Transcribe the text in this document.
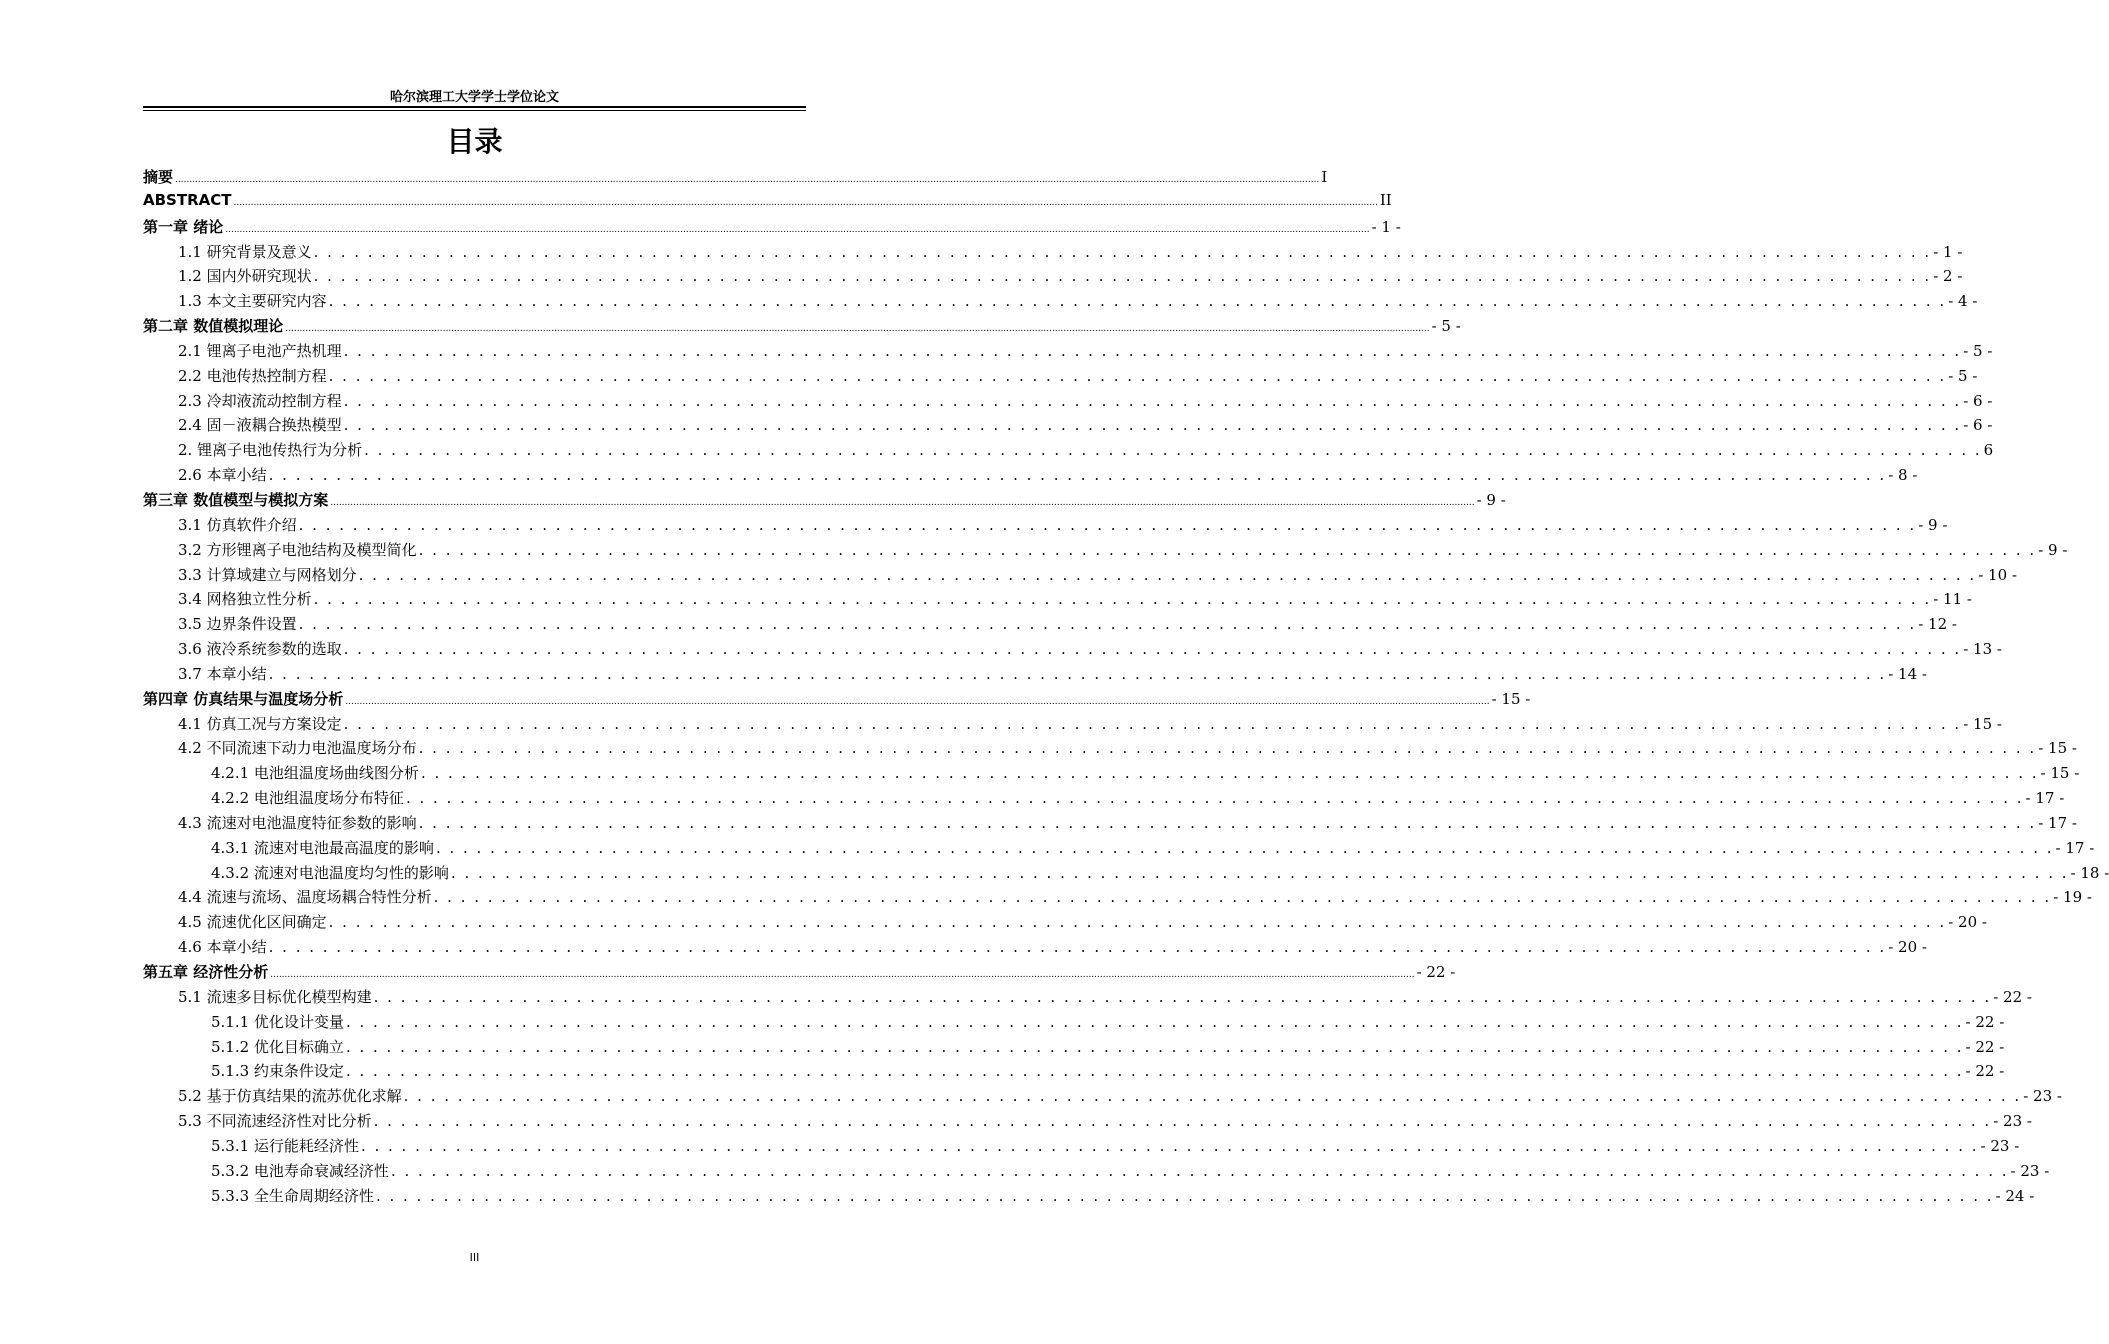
哈尔滨理工大学学士学位论文
目录
摘要 ................................................................................................................................................................................................................................................................................................................................................................................................................ I
ABSTRACT ................................................................................................................................................................................................................................................................................................................................................................................................................ II
第一章 绪论 ................................................................................................................................................................................................................................................................................................................................................................................................................ - 1 -
1.1 研究背景及意义 . . . . . . . . . . . . . . . . . . . . . . . . . . . . . . . . . . . . . . . . . . . . . . . . . . . . . . . . . . . . . . . . . . . . . . . . . . . . . . . . . . . . . . . . . . . . . . . . . . . . . . . . . . . . . . . . . . . . . . . . - 1 -
1.2 国内外研究现状 . . . . . . . . . . . . . . . . . . . . . . . . . . . . . . . . . . . . . . . . . . . . . . . . . . . . . . . . . . . . . . . . . . . . . . . . . . . . . . . . . . . . . . . . . . . . . . . . . . . . . . . . . . . . . . . . . . . . . . . . - 2 -
1.3 本文主要研究内容 . . . . . . . . . . . . . . . . . . . . . . . . . . . . . . . . . . . . . . . . . . . . . . . . . . . . . . . . . . . . . . . . . . . . . . . . . . . . . . . . . . . . . . . . . . . . . . . . . . . . . . . . . . . . . . . . . . . . . . . . - 4 -
第二章 数值模拟理论 ................................................................................................................................................................................................................................................................................................................................................................................................................ - 5 -
2.1 锂离子电池产热机理 . . . . . . . . . . . . . . . . . . . . . . . . . . . . . . . . . . . . . . . . . . . . . . . . . . . . . . . . . . . . . . . . . . . . . . . . . . . . . . . . . . . . . . . . . . . . . . . . . . . . . . . . . . . . . . . . . . . . . . . . - 5 -
2.2 电池传热控制方程 . . . . . . . . . . . . . . . . . . . . . . . . . . . . . . . . . . . . . . . . . . . . . . . . . . . . . . . . . . . . . . . . . . . . . . . . . . . . . . . . . . . . . . . . . . . . . . . . . . . . . . . . . . . . . . . . . . . . . . . . - 5 -
2.3 冷却液流动控制方程 . . . . . . . . . . . . . . . . . . . . . . . . . . . . . . . . . . . . . . . . . . . . . . . . . . . . . . . . . . . . . . . . . . . . . . . . . . . . . . . . . . . . . . . . . . . . . . . . . . . . . . . . . . . . . . . . . . . . . . . . - 6 -
2.4 固－液耦合换热模型 . . . . . . . . . . . . . . . . . . . . . . . . . . . . . . . . . . . . . . . . . . . . . . . . . . . . . . . . . . . . . . . . . . . . . . . . . . . . . . . . . . . . . . . . . . . . . . . . . . . . . . . . . . . . . . . . . . . . . . . . - 6 -
2. 锂离子电池传热行为分析 . . . . . . . . . . . . . . . . . . . . . . . . . . . . . . . . . . . . . . . . . . . . . . . . . . . . . . . . . . . . . . . . . . . . . . . . . . . . . . . . . . . . . . . . . . . . . . . . . . . . . . . . . . . . . . . . . . . . . . . . 6
2.6 本章小结 . . . . . . . . . . . . . . . . . . . . . . . . . . . . . . . . . . . . . . . . . . . . . . . . . . . . . . . . . . . . . . . . . . . . . . . . . . . . . . . . . . . . . . . . . . . . . . . . . . . . . . . . . . . . . . . . . . . . . . . . - 8 -
第三章 数值模型与模拟方案 ................................................................................................................................................................................................................................................................................................................................................................................................................ - 9 -
3.1 仿真软件介绍 . . . . . . . . . . . . . . . . . . . . . . . . . . . . . . . . . . . . . . . . . . . . . . . . . . . . . . . . . . . . . . . . . . . . . . . . . . . . . . . . . . . . . . . . . . . . . . . . . . . . . . . . . . . . . . . . . . . . . . . . - 9 -
3.2 方形锂离子电池结构及模型简化 . . . . . . . . . . . . . . . . . . . . . . . . . . . . . . . . . . . . . . . . . . . . . . . . . . . . . . . . . . . . . . . . . . . . . . . . . . . . . . . . . . . . . . . . . . . . . . . . . . . . . . . . . . . . . . . . . . . . . . . . - 9 -
3.3 计算域建立与网格划分 . . . . . . . . . . . . . . . . . . . . . . . . . . . . . . . . . . . . . . . . . . . . . . . . . . . . . . . . . . . . . . . . . . . . . . . . . . . . . . . . . . . . . . . . . . . . . . . . . . . . . . . . . . . . . . . . . . . . . . . . - 10 -
3.4 网格独立性分析 . . . . . . . . . . . . . . . . . . . . . . . . . . . . . . . . . . . . . . . . . . . . . . . . . . . . . . . . . . . . . . . . . . . . . . . . . . . . . . . . . . . . . . . . . . . . . . . . . . . . . . . . . . . . . . . . . . . . . . . . - 11 -
3.5 边界条件设置 . . . . . . . . . . . . . . . . . . . . . . . . . . . . . . . . . . . . . . . . . . . . . . . . . . . . . . . . . . . . . . . . . . . . . . . . . . . . . . . . . . . . . . . . . . . . . . . . . . . . . . . . . . . . . . . . . . . . . . . . - 12 -
3.6 液冷系统参数的选取 . . . . . . . . . . . . . . . . . . . . . . . . . . . . . . . . . . . . . . . . . . . . . . . . . . . . . . . . . . . . . . . . . . . . . . . . . . . . . . . . . . . . . . . . . . . . . . . . . . . . . . . . . . . . . . . . . . . . . . . . - 13 -
3.7 本章小结 . . . . . . . . . . . . . . . . . . . . . . . . . . . . . . . . . . . . . . . . . . . . . . . . . . . . . . . . . . . . . . . . . . . . . . . . . . . . . . . . . . . . . . . . . . . . . . . . . . . . . . . . . . . . . . . . . . . . . . . . - 14 -
第四章 仿真结果与温度场分析 ................................................................................................................................................................................................................................................................................................................................................................................................................ - 15 -
4.1 仿真工况与方案设定 . . . . . . . . . . . . . . . . . . . . . . . . . . . . . . . . . . . . . . . . . . . . . . . . . . . . . . . . . . . . . . . . . . . . . . . . . . . . . . . . . . . . . . . . . . . . . . . . . . . . . . . . . . . . . . . . . . . . . . . . - 15 -
4.2 不同流速下动力电池温度场分布 . . . . . . . . . . . . . . . . . . . . . . . . . . . . . . . . . . . . . . . . . . . . . . . . . . . . . . . . . . . . . . . . . . . . . . . . . . . . . . . . . . . . . . . . . . . . . . . . . . . . . . . . . . . . . . . . . . . . . . . . - 15 -
4.2.1 电池组温度场曲线图分析 . . . . . . . . . . . . . . . . . . . . . . . . . . . . . . . . . . . . . . . . . . . . . . . . . . . . . . . . . . . . . . . . . . . . . . . . . . . . . . . . . . . . . . . . . . . . . . . . . . . . . . . . . . . . . . . . . . . . . . . . - 15 -
4.2.2 电池组温度场分布特征 . . . . . . . . . . . . . . . . . . . . . . . . . . . . . . . . . . . . . . . . . . . . . . . . . . . . . . . . . . . . . . . . . . . . . . . . . . . . . . . . . . . . . . . . . . . . . . . . . . . . . . . . . . . . . . . . . . . . . . . . - 17 -
4.3 流速对电池温度特征参数的影响 . . . . . . . . . . . . . . . . . . . . . . . . . . . . . . . . . . . . . . . . . . . . . . . . . . . . . . . . . . . . . . . . . . . . . . . . . . . . . . . . . . . . . . . . . . . . . . . . . . . . . . . . . . . . . . . . . . . . . . . . - 17 -
4.3.1 流速对电池最高温度的影响 . . . . . . . . . . . . . . . . . . . . . . . . . . . . . . . . . . . . . . . . . . . . . . . . . . . . . . . . . . . . . . . . . . . . . . . . . . . . . . . . . . . . . . . . . . . . . . . . . . . . . . . . . . . . . . . . . . . . . . . . - 17 -
4.3.2 流速对电池温度均匀性的影响 . . . . . . . . . . . . . . . . . . . . . . . . . . . . . . . . . . . . . . . . . . . . . . . . . . . . . . . . . . . . . . . . . . . . . . . . . . . . . . . . . . . . . . . . . . . . . . . . . . . . . . . . . . . . . . . . . . . . . . . . - 18 -
4.4 流速与流场、温度场耦合特性分析 . . . . . . . . . . . . . . . . . . . . . . . . . . . . . . . . . . . . . . . . . . . . . . . . . . . . . . . . . . . . . . . . . . . . . . . . . . . . . . . . . . . . . . . . . . . . . . . . . . . . . . . . . . . . . . . . . . . . . . . . - 19 -
4.5 流速优化区间确定 . . . . . . . . . . . . . . . . . . . . . . . . . . . . . . . . . . . . . . . . . . . . . . . . . . . . . . . . . . . . . . . . . . . . . . . . . . . . . . . . . . . . . . . . . . . . . . . . . . . . . . . . . . . . . . . . . . . . . . . . - 20 -
4.6 本章小结 . . . . . . . . . . . . . . . . . . . . . . . . . . . . . . . . . . . . . . . . . . . . . . . . . . . . . . . . . . . . . . . . . . . . . . . . . . . . . . . . . . . . . . . . . . . . . . . . . . . . . . . . . . . . . . . . . . . . . . . . - 20 -
第五章 经济性分析 ................................................................................................................................................................................................................................................................................................................................................................................................................ - 22 -
5.1 流速多目标优化模型构建 . . . . . . . . . . . . . . . . . . . . . . . . . . . . . . . . . . . . . . . . . . . . . . . . . . . . . . . . . . . . . . . . . . . . . . . . . . . . . . . . . . . . . . . . . . . . . . . . . . . . . . . . . . . . . . . . . . . . . . . . - 22 -
5.1.1 优化设计变量 . . . . . . . . . . . . . . . . . . . . . . . . . . . . . . . . . . . . . . . . . . . . . . . . . . . . . . . . . . . . . . . . . . . . . . . . . . . . . . . . . . . . . . . . . . . . . . . . . . . . . . . . . . . . . . . . . . . . . . . . - 22 -
5.1.2 优化目标确立 . . . . . . . . . . . . . . . . . . . . . . . . . . . . . . . . . . . . . . . . . . . . . . . . . . . . . . . . . . . . . . . . . . . . . . . . . . . . . . . . . . . . . . . . . . . . . . . . . . . . . . . . . . . . . . . . . . . . . . . . - 22 -
5.1.3 约束条件设定 . . . . . . . . . . . . . . . . . . . . . . . . . . . . . . . . . . . . . . . . . . . . . . . . . . . . . . . . . . . . . . . . . . . . . . . . . . . . . . . . . . . . . . . . . . . . . . . . . . . . . . . . . . . . . . . . . . . . . . . . - 22 -
5.2 基于仿真结果的流苏优化求解 . . . . . . . . . . . . . . . . . . . . . . . . . . . . . . . . . . . . . . . . . . . . . . . . . . . . . . . . . . . . . . . . . . . . . . . . . . . . . . . . . . . . . . . . . . . . . . . . . . . . . . . . . . . . . . . . . . . . . . . . - 23 -
5.3 不同流速经济性对比分析 . . . . . . . . . . . . . . . . . . . . . . . . . . . . . . . . . . . . . . . . . . . . . . . . . . . . . . . . . . . . . . . . . . . . . . . . . . . . . . . . . . . . . . . . . . . . . . . . . . . . . . . . . . . . . . . . . . . . . . . . - 23 -
5.3.1 运行能耗经济性 . . . . . . . . . . . . . . . . . . . . . . . . . . . . . . . . . . . . . . . . . . . . . . . . . . . . . . . . . . . . . . . . . . . . . . . . . . . . . . . . . . . . . . . . . . . . . . . . . . . . . . . . . . . . . . . . . . . . . . . . - 23 -
5.3.2 电池寿命衰减经济性 . . . . . . . . . . . . . . . . . . . . . . . . . . . . . . . . . . . . . . . . . . . . . . . . . . . . . . . . . . . . . . . . . . . . . . . . . . . . . . . . . . . . . . . . . . . . . . . . . . . . . . . . . . . . . . . . . . . . . . . . - 23 -
5.3.3 全生命周期经济性 . . . . . . . . . . . . . . . . . . . . . . . . . . . . . . . . . . . . . . . . . . . . . . . . . . . . . . . . . . . . . . . . . . . . . . . . . . . . . . . . . . . . . . . . . . . . . . . . . . . . . . . . . . . . . . . . . . . . . . . . - 24 -
III
